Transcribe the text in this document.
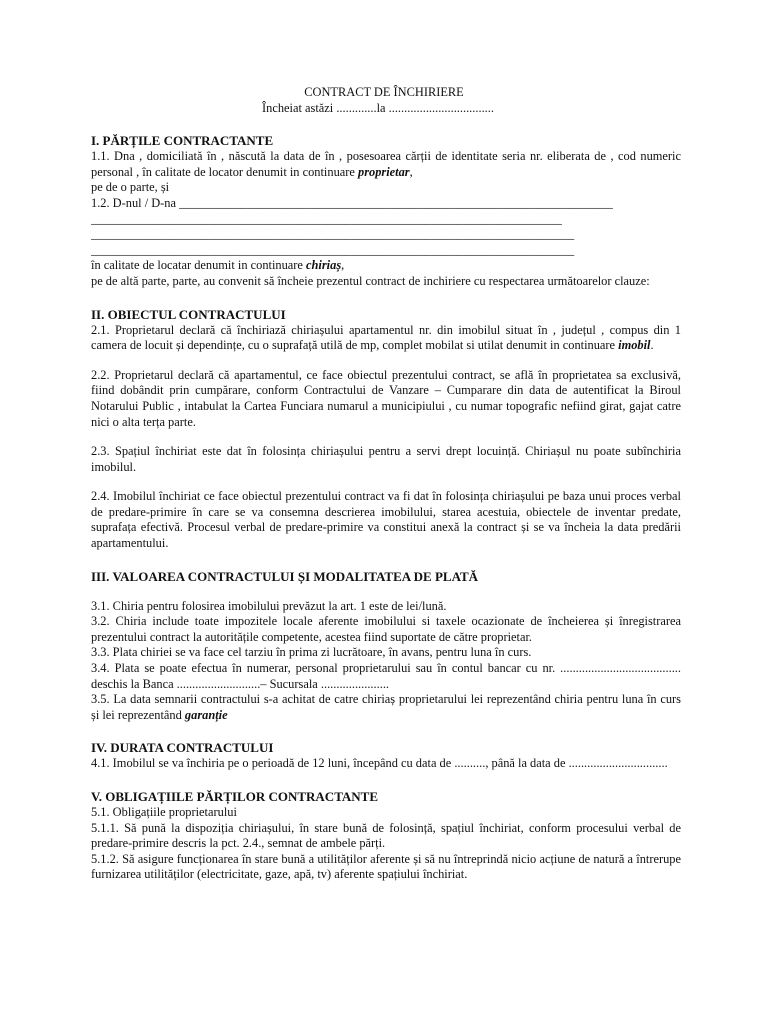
CONTRACT DE ÎNCHIRIERE

Încheiat astăzi .............la ..................................

I. PĂRȚILE CONTRACTANTE

1.1. Dna , domiciliată în , născută la data de în , posesoarea cărții de identitate seria nr. eliberata de , cod numeric personal , în calitate de locator denumit in continuare proprietar,

pe de o parte, și

1.2. D-nul / D-na ______________________________________________________________________

____________________________________________________________________________

______________________________________________________________________________

______________________________________________________________________________

în calitate de locatar denumit in continuare chiriaș,

pe de altă parte, parte, au convenit să încheie prezentul contract de inchiriere cu respectarea următoarelor clauze:

II. OBIECTUL CONTRACTULUI

2.1. Proprietarul declară că închiriază chiriașului apartamentul nr. din imobilul situat în , județul , compus din 1 camera de locuit și dependințe, cu o suprafață utilă de mp, complet mobilat si utilat denumit in continuare imobil.

2.2. Proprietarul declară că apartamentul, ce face obiectul prezentului contract, se află în proprietatea sa exclusivă, fiind dobândit prin cumpărare, conform Contractului de Vanzare – Cumparare din data de autentificat la Biroul Notarului Public , intabulat la Cartea Funciara numarul a municipiului , cu numar topografic nefiind girat, gajat catre nici o alta terța parte.

2.3. Spațiul închiriat este dat în folosința chiriașului pentru a servi drept locuință. Chiriașul nu poate subînchiria imobilul.

2.4. Imobilul închiriat ce face obiectul prezentului contract va fi dat în folosința chiriașului pe baza unui proces verbal de predare-primire în care se va consemna descrierea imobilului, starea acestuia, obiectele de inventar predate, suprafața efectivă. Procesul verbal de predare-primire va constitui anexă la contract și se va încheia la data predării apartamentului.

III. VALOAREA CONTRACTULUI ȘI MODALITATEA DE PLATĂ

3.1. Chiria pentru folosirea imobilului prevăzut la art. 1 este de lei/lună.

3.2. Chiria include toate impozitele locale aferente imobilului si taxele ocazionate de încheierea și înregistrarea prezentului contract la autoritățile competente, acestea fiind suportate de către proprietar.

3.3. Plata chiriei se va face cel tarziu în prima zi lucrătoare, în avans, pentru luna în curs.

3.4. Plata se poate efectua în numerar, personal proprietarului sau în contul bancar cu nr. ....................................... deschis la Banca ...........................– Sucursala ......................

3.5. La data semnarii contractului s-a achitat de catre chiriaș proprietarului lei reprezentând chiria pentru luna în curs și lei reprezentând garanție

IV. DURATA CONTRACTULUI

4.1. Imobilul se va închiria pe o perioadă de 12 luni, începând cu data de .........., până la data de ................................

V. OBLIGAȚIILE PĂRȚILOR CONTRACTANTE

5.1. Obligațiile proprietarului

5.1.1. Să pună la dispoziția chiriașului, în stare bună de folosință, spațiul închiriat, conform procesului verbal de predare-primire descris la pct. 2.4., semnat de ambele părți.

5.1.2. Să asigure funcționarea în stare bună a utilităților aferente și să nu întreprindă nicio acțiune de natură a întrerupe furnizarea utilităților (electricitate, gaze, apă, tv) aferente spațiului închiriat.
